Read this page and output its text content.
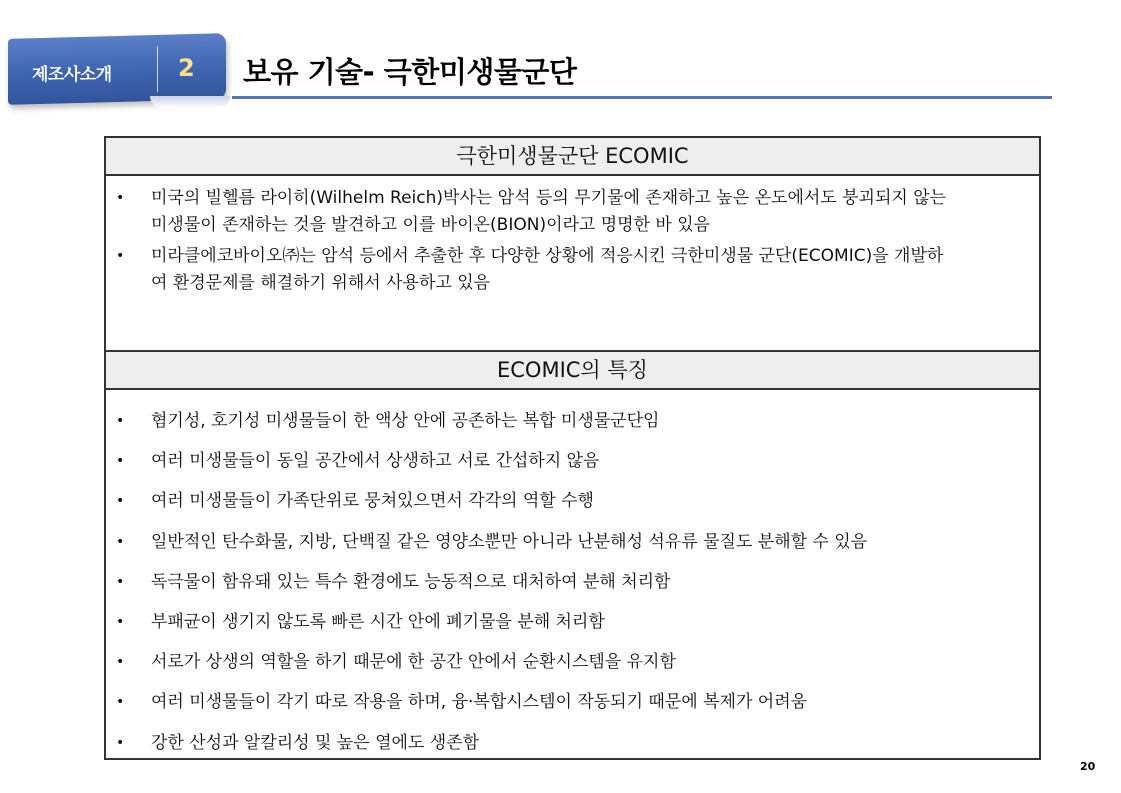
제조사소개	2 보유 기술- 극한미생물군단
극한미생물군단 ECOMIC
• 미국의 빌헬름 라이히(Wilhelm Reich)박사는 암석 등의 무기물에 존재하고 높은 온도에서도 붕괴되지 않는 미생물이 존재하는 것을 발견하고 이를 바이온(BION)이라고 명명한 바 있음
• 미라클에코바이오㈜는 암석 등에서 추출한 후 다양한 상황에 적응시킨 극한미생물 군단(ECOMIC)을 개발하여 환경문제를 해결하기 위해서 사용하고 있음
ECOMIC의 특징
• 혐기성, 호기성 미생물들이 한 액상 안에 공존하는 복합 미생물군단임
• 여러 미생물들이 동일 공간에서 상생하고 서로 간섭하지 않음
• 여러 미생물들이 가족단위로 뭉쳐있으면서 각각의 역할 수행
• 일반적인 탄수화물, 지방, 단백질 같은 영양소뿐만 아니라 난분해성 석유류 물질도 분해할 수 있음
• 독극물이 함유돼 있는 특수 환경에도 능동적으로 대처하여 분해 처리함
• 부패균이 생기지 않도록 빠른 시간 안에 폐기물을 분해 처리함
• 서로가 상생의 역할을 하기 때문에 한 공간 안에서 순환시스템을 유지함
• 여러 미생물들이 각기 따로 작용을 하며, 융·복합시스템이 작동되기 때문에 복제가 어려움
• 강한 산성과 알칼리성 및 높은 열에도 생존함
20
